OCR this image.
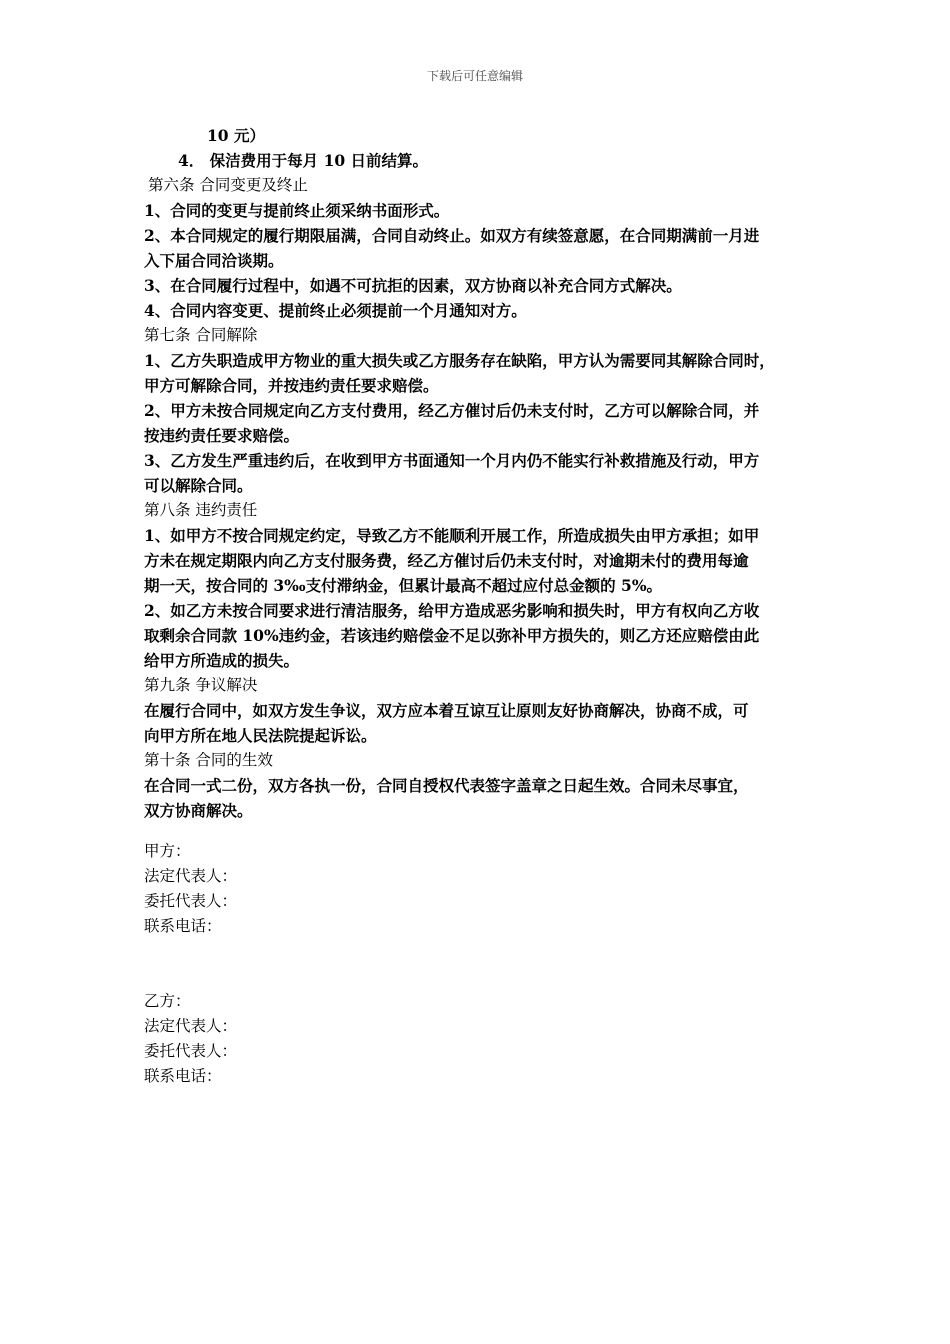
下载后可任意编辑
10 元）
4． 保洁费用于每月 10 日前结算。
第六条 合同变更及终止
1、合同的变更与提前终止须采纳书面形式。
2、本合同规定的履行期限届满，合同自动终止。如双方有续签意愿，在合同期满前一月进
入下届合同洽谈期。
3、在合同履行过程中，如遇不可抗拒的因素，双方协商以补充合同方式解决。
4、合同内容变更、提前终止必须提前一个月通知对方。
第七条 合同解除
1、乙方失职造成甲方物业的重大损失或乙方服务存在缺陷，甲方认为需要同其解除合同时，
甲方可解除合同，并按违约责任要求赔偿。
2、甲方未按合同规定向乙方支付费用，经乙方催讨后仍未支付时，乙方可以解除合同，并
按违约责任要求赔偿。
3、乙方发生严重违约后，在收到甲方书面通知一个月内仍不能实行补救措施及行动，甲方
可以解除合同。
第八条 违约责任
1、如甲方不按合同规定约定，导致乙方不能顺利开展工作，所造成损失由甲方承担；如甲
方未在规定期限内向乙方支付服务费，经乙方催讨后仍未支付时，对逾期未付的费用每逾
期一天，按合同的 3‰支付滞纳金，但累计最高不超过应付总金额的 5%。
2、如乙方未按合同要求进行清洁服务，给甲方造成恶劣影响和损失时，甲方有权向乙方收
取剩余合同款 10%违约金，若该违约赔偿金不足以弥补甲方损失的，则乙方还应赔偿由此
给甲方所造成的损失。
第九条 争议解决
在履行合同中，如双方发生争议，双方应本着互谅互让原则友好协商解决，协商不成，可
向甲方所在地人民法院提起诉讼。
第十条 合同的生效
在合同一式二份，双方各执一份，合同自授权代表签字盖章之日起生效。合同未尽事宜，
双方协商解决。
甲方：
法定代表人：
委托代表人：
联系电话：
乙方：
法定代表人：
委托代表人：
联系电话：
